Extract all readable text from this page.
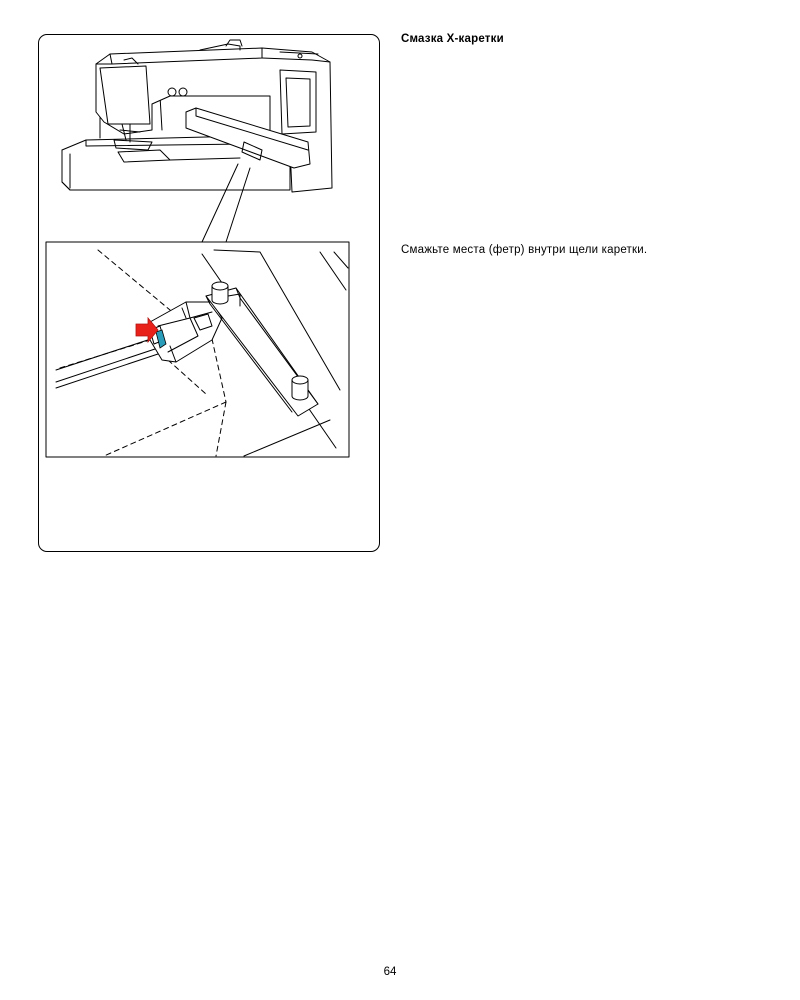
Смазка X-каретки

Смажьте места (фетр) внутри щели каретки.

64
